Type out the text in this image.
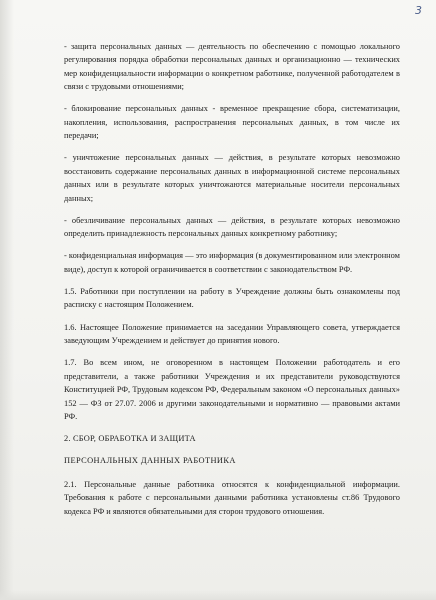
3

- защита персональных данных — деятельность по обеспечению с помощью локального регулирования порядка обработки персональных данных и организационно — технических мер конфиденциальности информации о конкретном работнике, полученной работодателем в связи с трудовыми отношениями;

- блокирование персональных данных - временное прекращение сбора, систематизации, накопления, использования, распространения персональных данных, в том числе их передачи;

- уничтожение персональных данных — действия, в результате которых невозможно восстановить содержание персональных данных в информационной системе персональных данных или в результате которых уничтожаются материальные носители персональных данных;

- обезличивание персональных данных — действия, в результате которых невозможно определить принадлежность персональных данных конкретному работнику;

- конфиденциальная информация — это информация (в документированном или электронном виде), доступ к которой ограничивается в соответствии с законодательством РФ.

1.5. Работники при поступлении на работу в Учреждение должны быть ознакомлены под расписку с настоящим Положением.

1.6. Настоящее Положение принимается на заседании Управляющего совета, утверждается заведующим Учреждением и действует до принятия нового.

1.7. Во всем ином, не оговоренном в настоящем Положении работодатель и его представители, а также работники Учреждения и их представители руководствуются Конституцией РФ, Трудовым кодексом РФ, Федеральным законом «О персональных данных» 152 — ФЗ от 27.07. 2006 и другими законодательными и нормативно — правовыми актами РФ.

2. СБОР, ОБРАБОТКА И ЗАЩИТА

ПЕРСОНАЛЬНЫХ ДАННЫХ РАБОТНИКА

2.1. Персональные данные работника относятся к конфиденциальной информации. Требования к работе с персональными данными работника установлены ст.86 Трудового кодекса РФ и являются обязательными для сторон трудового отношения.
